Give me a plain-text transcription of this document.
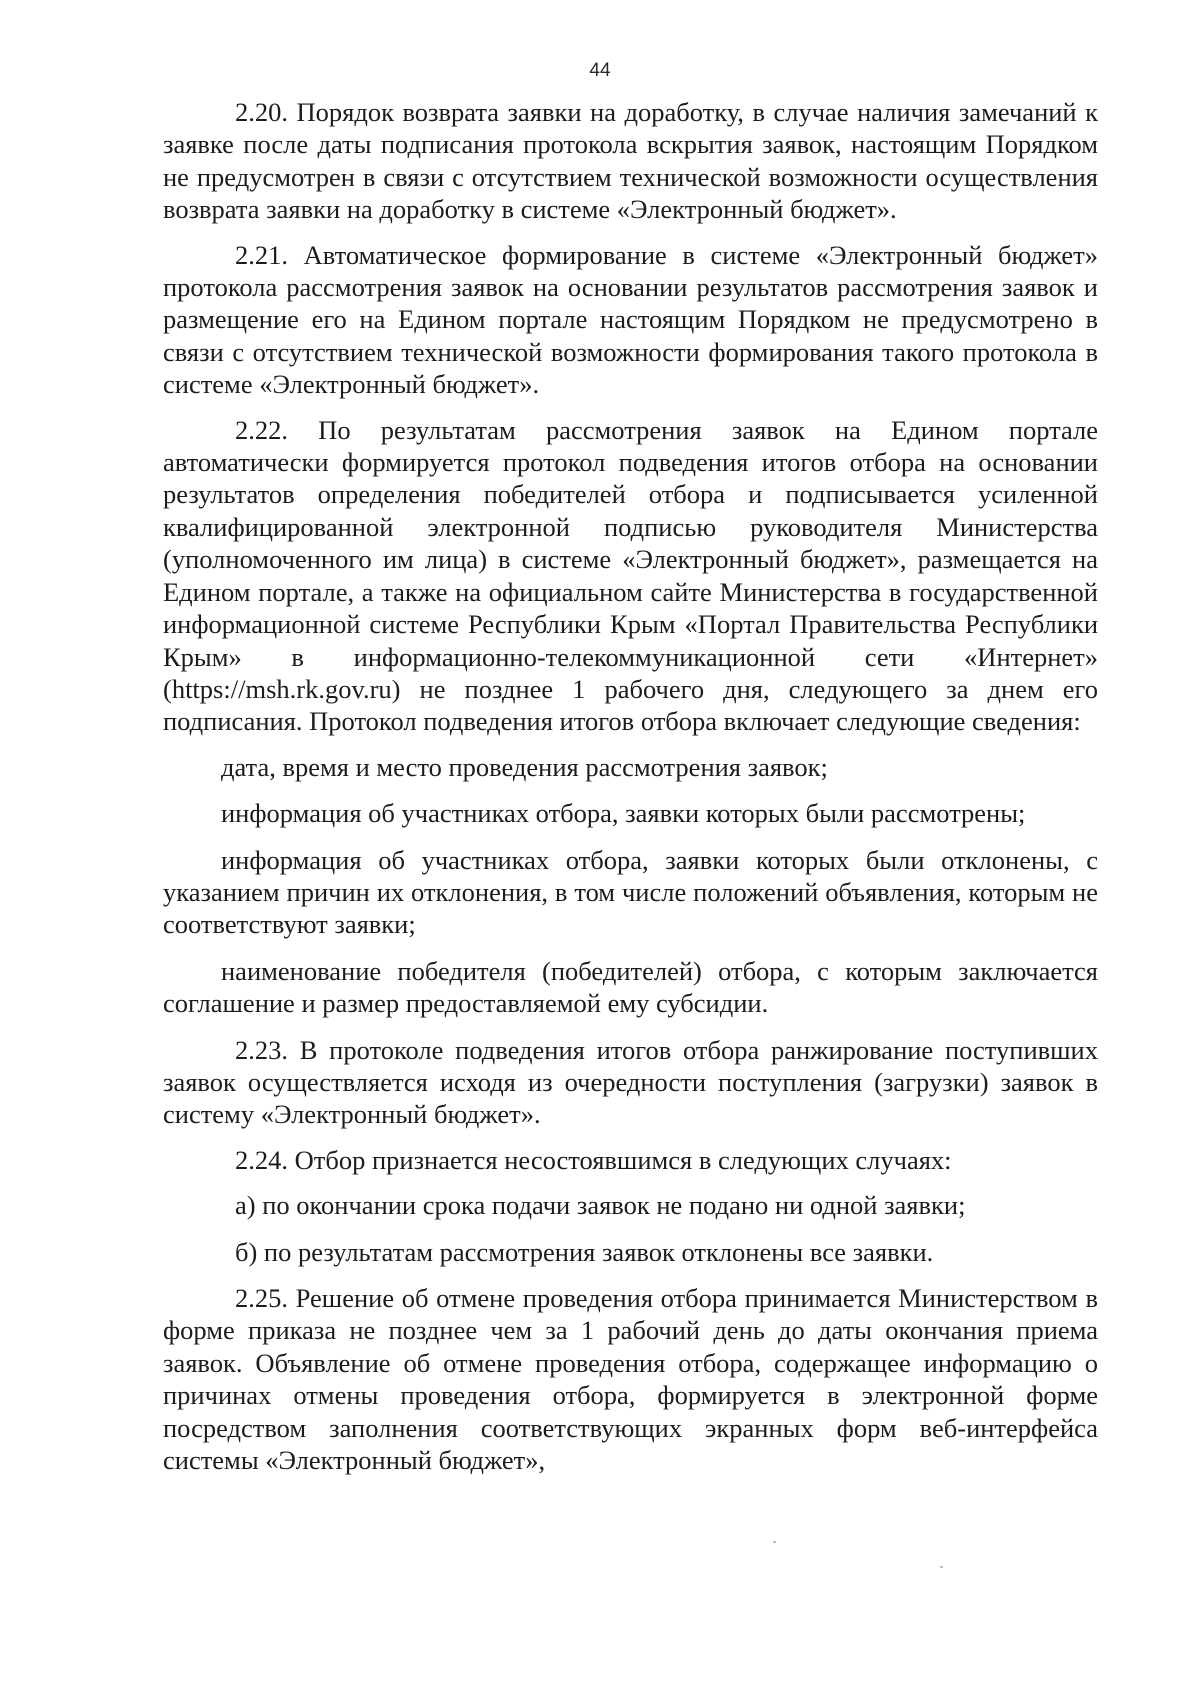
44

2.20. Порядок возврата заявки на доработку, в случае наличия замечаний к заявке после даты подписания протокола вскрытия заявок, настоящим Порядком не предусмотрен в связи с отсутствием технической возможности осуществления возврата заявки на доработку в системе «Электронный бюджет».

2.21. Автоматическое формирование в системе «Электронный бюджет» протокола рассмотрения заявок на основании результатов рассмотрения заявок и размещение его на Едином портале настоящим Порядком не предусмотрено в связи с отсутствием технической возможности формирования такого протокола в системе «Электронный бюджет».

2.22. По результатам рассмотрения заявок на Едином портале автоматически формируется протокол подведения итогов отбора на основании результатов определения победителей отбора и подписывается усиленной квалифицированной электронной подписью руководителя Министерства (уполномоченного им лица) в системе «Электронный бюджет», размещается на Едином портале, а также на официальном сайте Министерства в государственной информационной системе Республики Крым «Портал Правительства Республики Крым» в информационно-телекоммуникационной сети «Интернет» (https://msh.rk.gov.ru) не позднее 1 рабочего дня, следующего за днем его подписания. Протокол подведения итогов отбора включает следующие сведения:

дата, время и место проведения рассмотрения заявок;

информация об участниках отбора, заявки которых были рассмотрены;

информация об участниках отбора, заявки которых были отклонены, с указанием причин их отклонения, в том числе положений объявления, которым не соответствуют заявки;

наименование победителя (победителей) отбора, с которым заключается соглашение и размер предоставляемой ему субсидии.

2.23. В протоколе подведения итогов отбора ранжирование поступивших заявок осуществляется исходя из очередности поступления (загрузки) заявок в систему «Электронный бюджет».

2.24. Отбор признается несостоявшимся в следующих случаях:

а) по окончании срока подачи заявок не подано ни одной заявки;

б) по результатам рассмотрения заявок отклонены все заявки.

2.25. Решение об отмене проведения отбора принимается Министерством в форме приказа не позднее чем за 1 рабочий день до даты окончания приема заявок. Объявление об отмене проведения отбора, содержащее информацию о причинах отмены проведения отбора, формируется в электронной форме посредством заполнения соответствующих экранных форм веб-интерфейса системы «Электронный бюджет»,
